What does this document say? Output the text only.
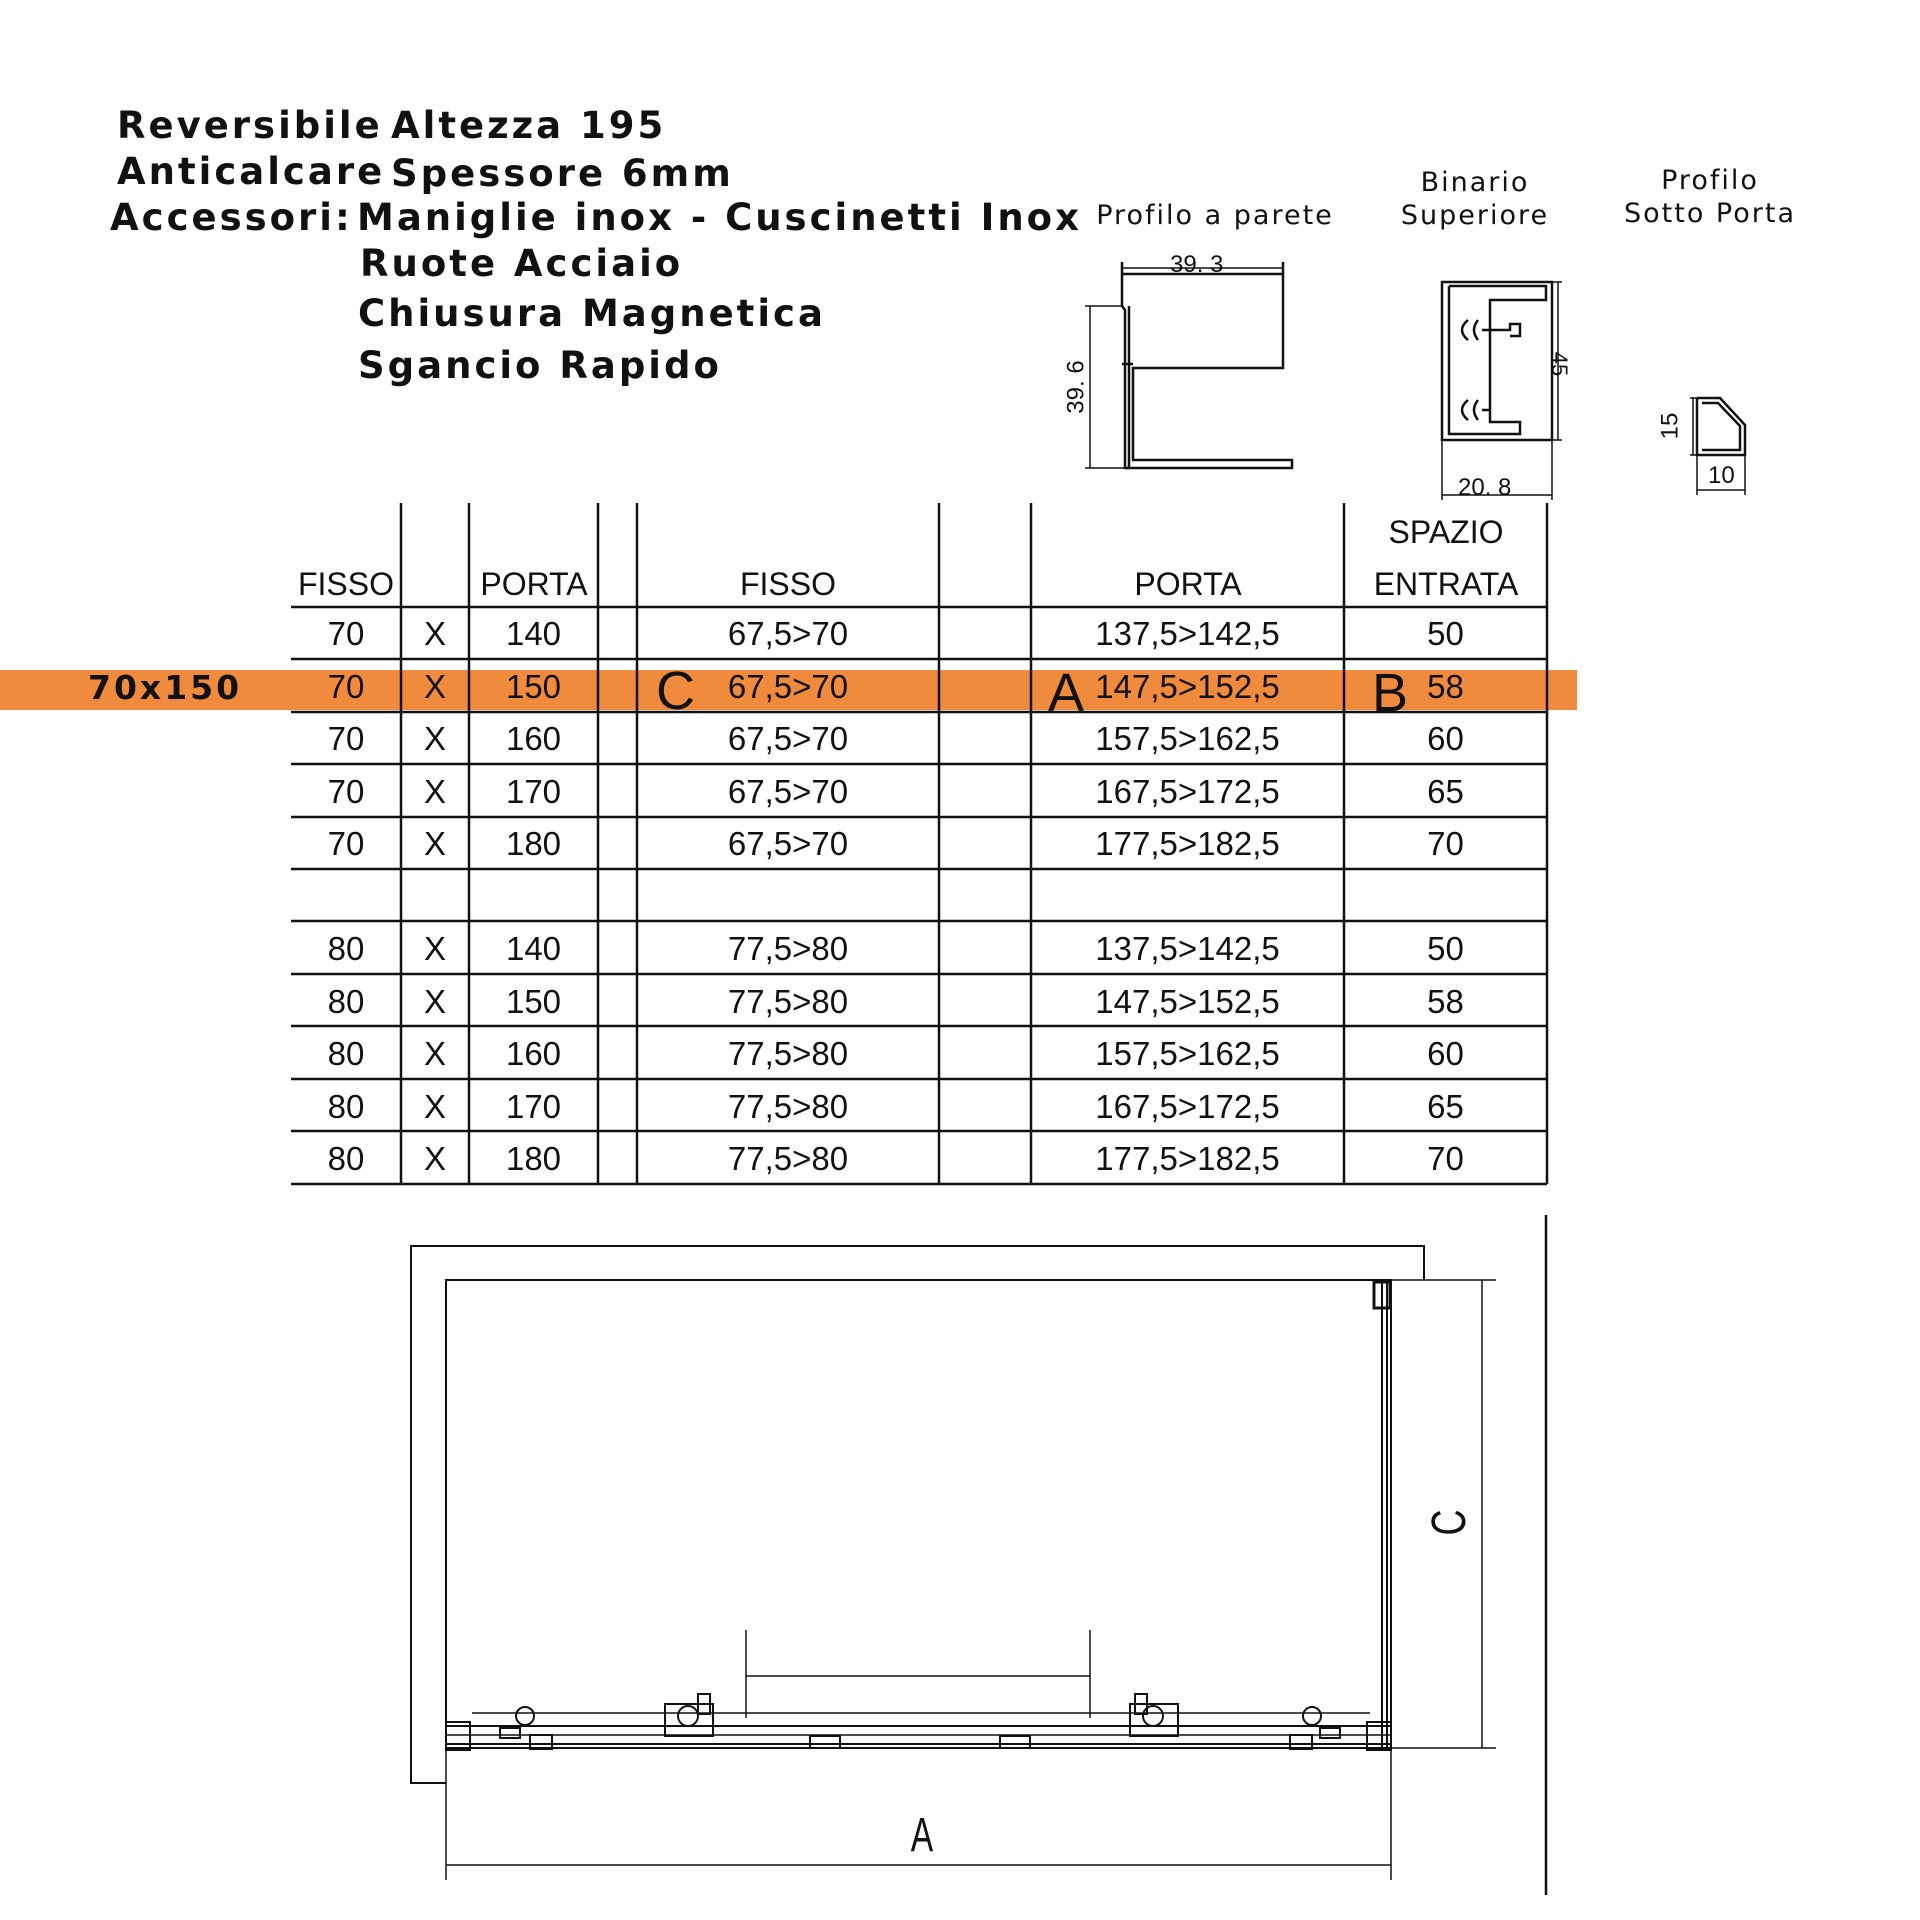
Reversibile Altezza 195
Anticalcare Spessore 6mm
Accessori: Maniglie inox - Cuscinetti Inox
Ruote Acciaio
Chiusura Magnetica
Sgancio Rapido
Profilo a parete
Binario
Superiore
Profilo
Sotto Porta
39. 3
39. 6	45
20. 8
15
10
70x150
FISSO	PORTA	FISSO	PORTA
SPAZIO
ENTRATA
70	X	140	67,5>70	137,5>142,5	50
70	X	150	67,5>70	147,5>152,5	58
70	X	160	67,5>70	157,5>162,5	60
70	X	170	67,5>70	167,5>172,5	65
70	X	180	67,5>70	177,5>182,5	70
80	X	140	77,5>80	137,5>142,5	50
80	X	150	77,5>80	147,5>152,5	58
80	X	160	77,5>80	157,5>162,5	60
80	X	170	77,5>80	167,5>172,5	65
80	X	180	77,5>80	177,5>182,5	70
C	A	B
A
C
